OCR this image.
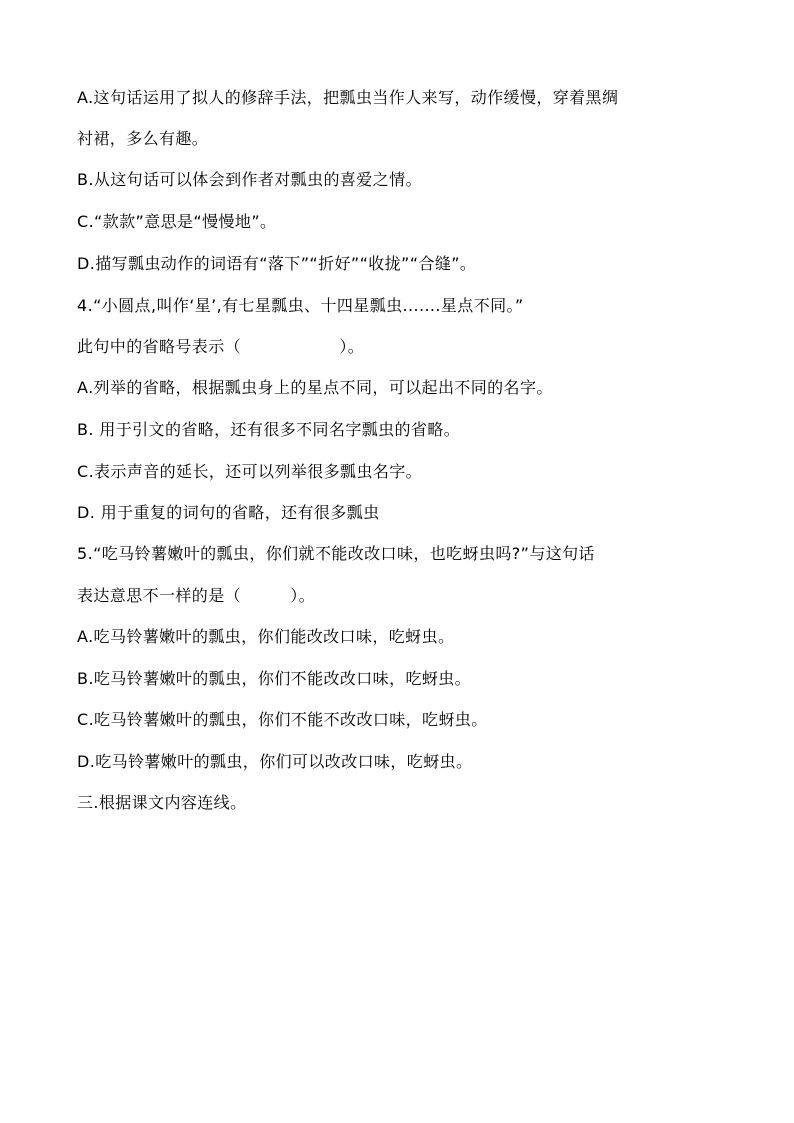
A.这句话运用了拟人的修辞手法，把瓢虫当作人来写，动作缓慢，穿着黑绸
衬裙，多么有趣。
B.从这句话可以体会到作者对瓢虫的喜爱之情。
C.“款款”意思是“慢慢地”。
D.描写瓢虫动作的词语有“落下”“折好”“收拢”“合缝”。
4.“小圆点,叫作‘星’,有七星瓢虫、十四星瓢虫.......星点不同。”
此句中的省略号表示（　　　　　　）。
A.列举的省略，根据瓢虫身上的星点不同，可以起出不同的名字。
B. 用于引文的省略，还有很多不同名字瓢虫的省略。
C.表示声音的延长，还可以列举很多瓢虫名字。
D. 用于重复的词句的省略，还有很多瓢虫
5.“吃马铃薯嫩叶的瓢虫，你们就不能改改口味，也吃蚜虫吗?”与这句话
表达意思不一样的是（　　　）。
A.吃马铃薯嫩叶的瓢虫，你们能改改口味，吃蚜虫。
B.吃马铃薯嫩叶的瓢虫，你们不能改改口味，吃蚜虫。
C.吃马铃薯嫩叶的瓢虫，你们不能不改改口味，吃蚜虫。
D.吃马铃薯嫩叶的瓢虫，你们可以改改口味，吃蚜虫。
三.根据课文内容连线。
